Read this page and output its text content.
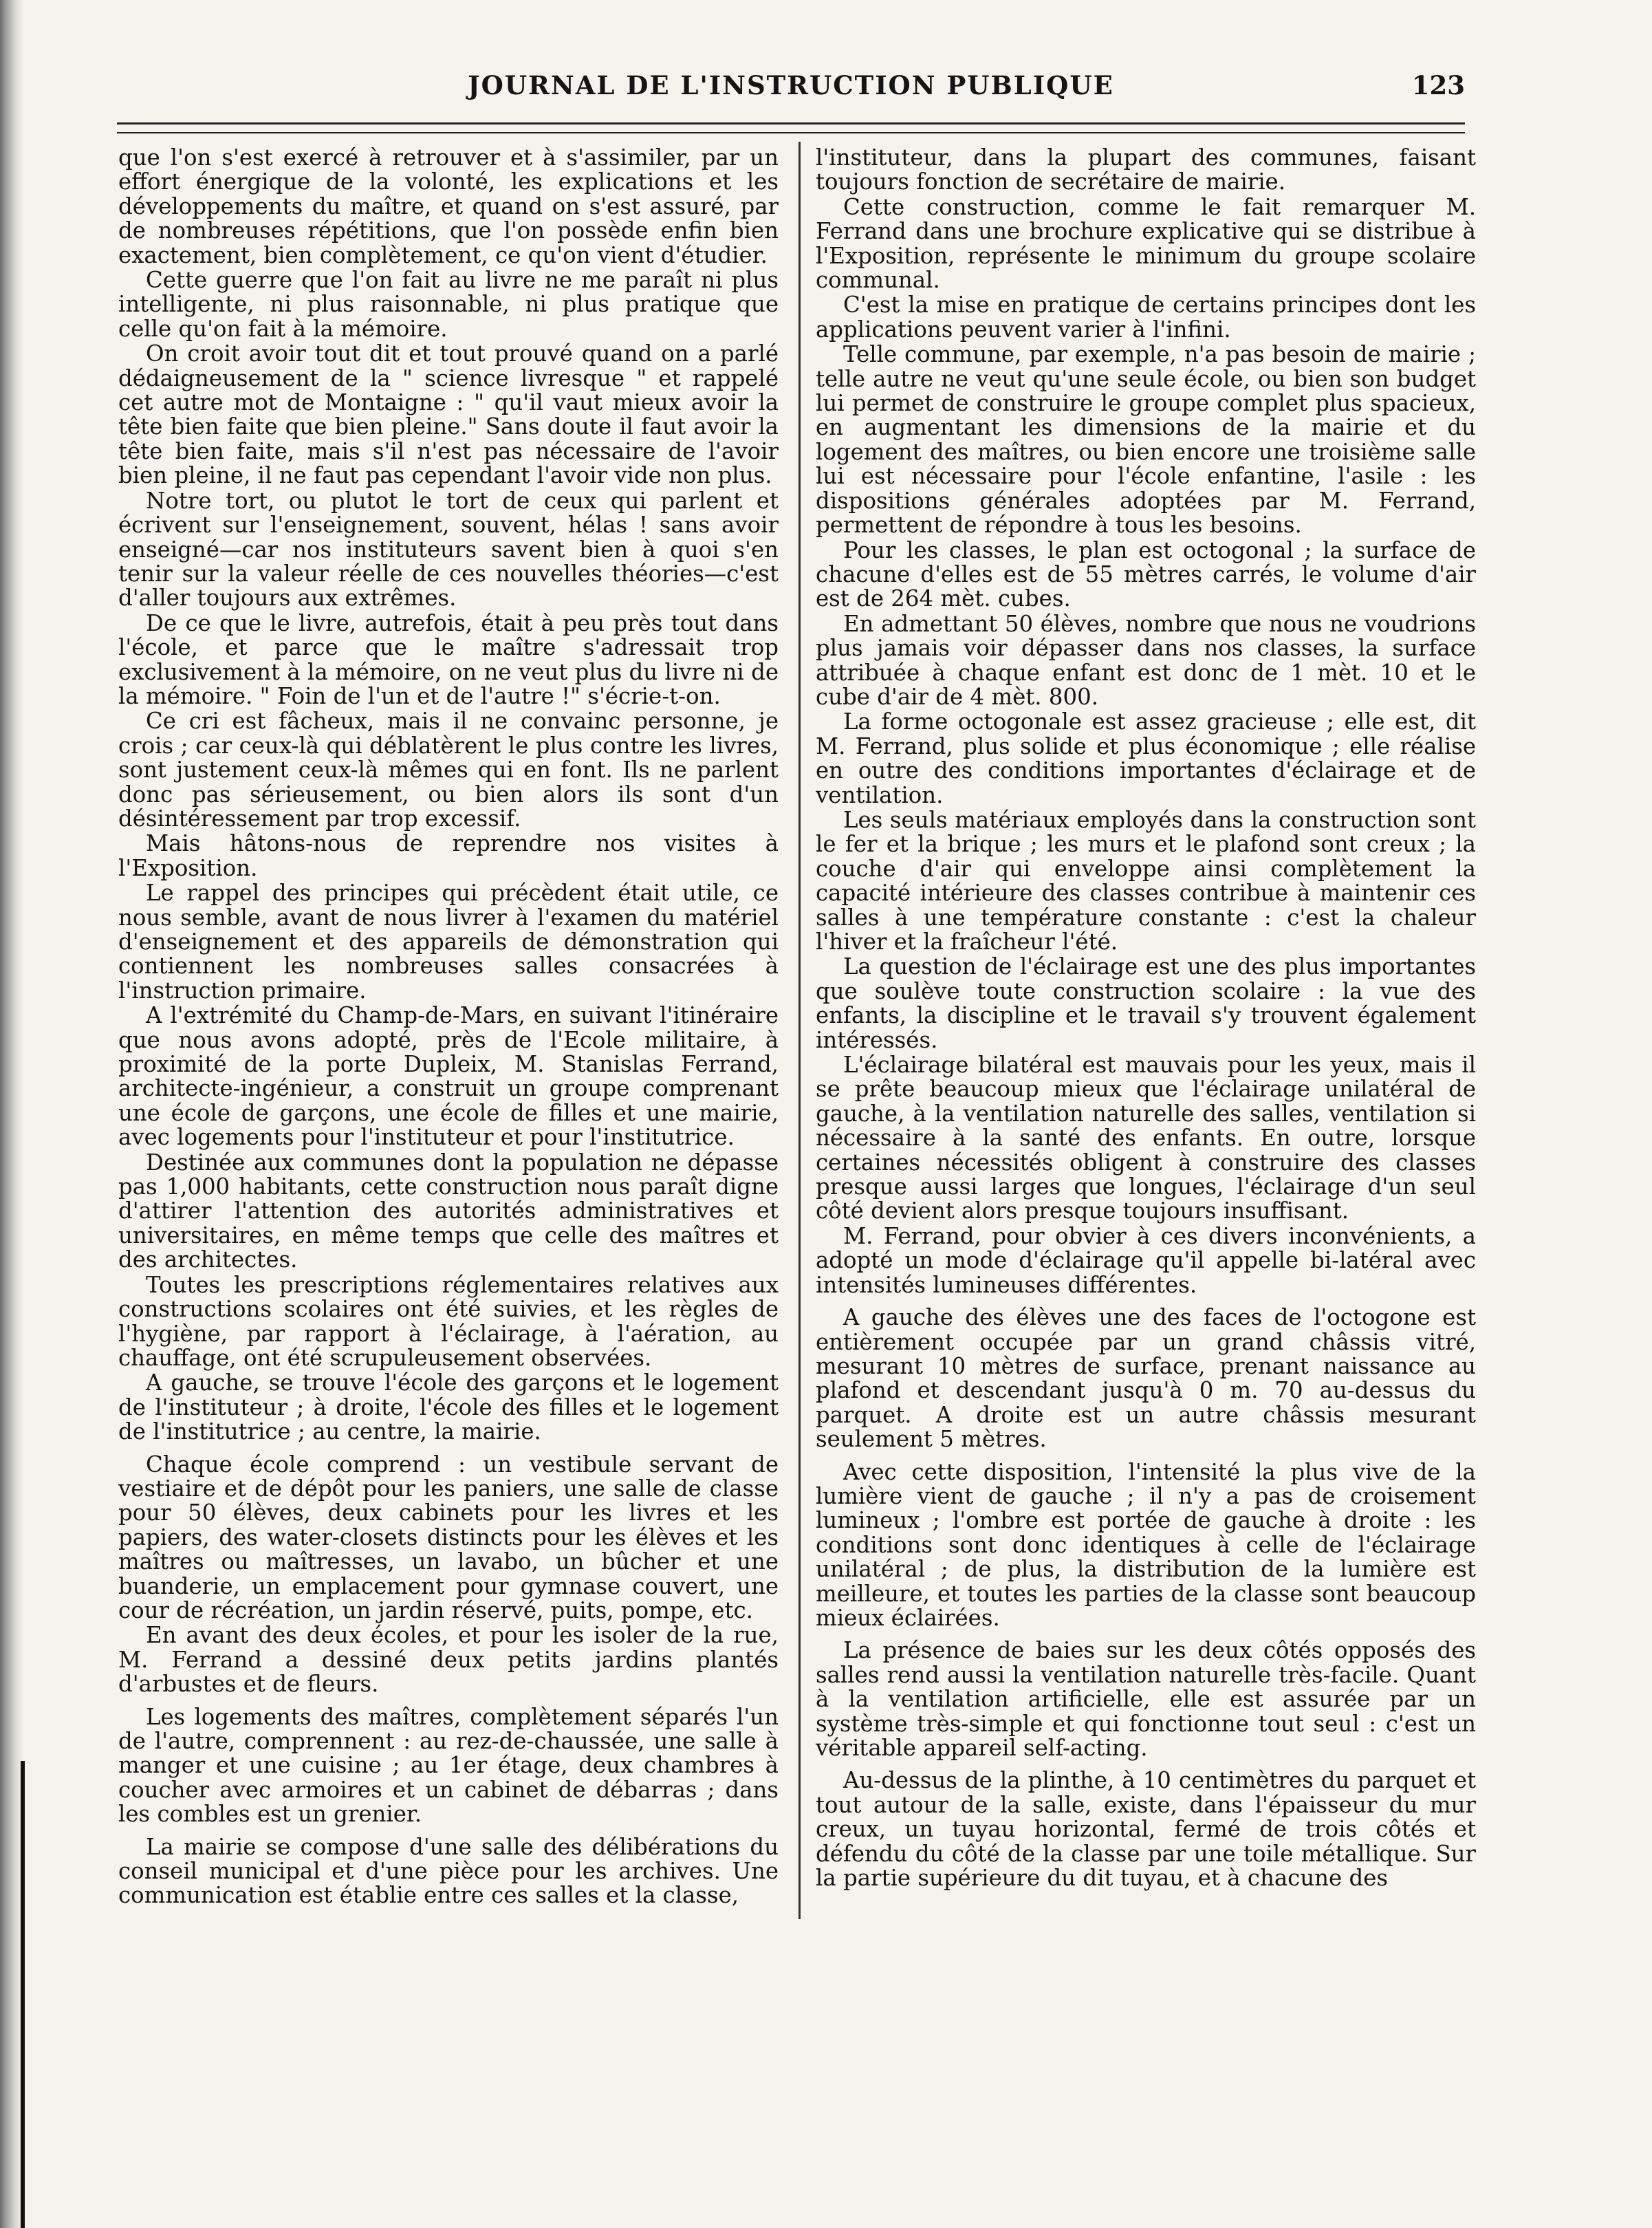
JOURNAL DE L'INSTRUCTION PUBLIQUE	123

que l'on s'est exercé à retrouver et à s'assimiler, par un effort énergique de la volonté, les explications et les développements du maître, et quand on s'est assuré, par de nombreuses répétitions, que l'on possède enfin bien exactement, bien complètement, ce qu'on vient d'étudier.

Cette guerre que l'on fait au livre ne me paraît ni plus intelligente, ni plus raisonnable, ni plus pratique que celle qu'on fait à la mémoire.

On croit avoir tout dit et tout prouvé quand on a parlé dédaigneusement de la " science livresque " et rappelé cet autre mot de Montaigne : " qu'il vaut mieux avoir la tête bien faite que bien pleine." Sans doute il faut avoir la tête bien faite, mais s'il n'est pas nécessaire de l'avoir bien pleine, il ne faut pas cependant l'avoir vide non plus.

Notre tort, ou plutot le tort de ceux qui parlent et écrivent sur l'enseignement, souvent, hélas ! sans avoir enseigné—car nos instituteurs savent bien à quoi s'en tenir sur la valeur réelle de ces nouvelles théories—c'est d'aller toujours aux extrêmes.

De ce que le livre, autrefois, était à peu près tout dans l'école, et parce que le maître s'adressait trop exclusivement à la mémoire, on ne veut plus du livre ni de la mémoire. " Foin de l'un et de l'autre !" s'écrie-t-on.

Ce cri est fâcheux, mais il ne convainc personne, je crois ; car ceux-là qui déblatèrent le plus contre les livres, sont justement ceux-là mêmes qui en font. Ils ne parlent donc pas sérieusement, ou bien alors ils sont d'un désintéressement par trop excessif.

Mais hâtons-nous de reprendre nos visites à l'Exposition.

Le rappel des principes qui précèdent était utile, ce nous semble, avant de nous livrer à l'examen du matériel d'enseignement et des appareils de démonstration qui contiennent les nombreuses salles consacrées à l'instruction primaire.

A l'extrémité du Champ-de-Mars, en suivant l'itinéraire que nous avons adopté, près de l'Ecole militaire, à proximité de la porte Dupleix, M. Stanislas Ferrand, architecte-ingénieur, a construit un groupe comprenant une école de garçons, une école de filles et une mairie, avec logements pour l'instituteur et pour l'institutrice.

Destinée aux communes dont la population ne dépasse pas 1,000 habitants, cette construction nous paraît digne d'attirer l'attention des autorités administratives et universitaires, en même temps que celle des maîtres et des architectes.

Toutes les prescriptions réglementaires relatives aux constructions scolaires ont été suivies, et les règles de l'hygiène, par rapport à l'éclairage, à l'aération, au chauffage, ont été scrupuleusement observées.

A gauche, se trouve l'école des garçons et le logement de l'instituteur ; à droite, l'école des filles et le logement de l'institutrice ; au centre, la mairie.

Chaque école comprend : un vestibule servant de vestiaire et de dépôt pour les paniers, une salle de classe pour 50 élèves, deux cabinets pour les livres et les papiers, des water-closets distincts pour les élèves et les maîtres ou maîtresses, un lavabo, un bûcher et une buanderie, un emplacement pour gymnase couvert, une cour de récréation, un jardin réservé, puits, pompe, etc.

En avant des deux écoles, et pour les isoler de la rue, M. Ferrand a dessiné deux petits jardins plantés d'arbustes et de fleurs.

Les logements des maîtres, complètement séparés l'un de l'autre, comprennent : au rez-de-chaussée, une salle à manger et une cuisine ; au 1er étage, deux chambres à coucher avec armoires et un cabinet de débarras ; dans les combles est un grenier.

La mairie se compose d'une salle des délibérations du conseil municipal et d'une pièce pour les archives. Une communication est établie entre ces salles et la classe,

l'instituteur, dans la plupart des communes, faisant toujours fonction de secrétaire de mairie.

Cette construction, comme le fait remarquer M. Ferrand dans une brochure explicative qui se distribue à l'Exposition, représente le minimum du groupe scolaire communal.

C'est la mise en pratique de certains principes dont les applications peuvent varier à l'infini.

Telle commune, par exemple, n'a pas besoin de mairie ; telle autre ne veut qu'une seule école, ou bien son budget lui permet de construire le groupe complet plus spacieux, en augmentant les dimensions de la mairie et du logement des maîtres, ou bien encore une troisième salle lui est nécessaire pour l'école enfantine, l'asile : les dispositions générales adoptées par M. Ferrand, permettent de répondre à tous les besoins.

Pour les classes, le plan est octogonal ; la surface de chacune d'elles est de 55 mètres carrés, le volume d'air est de 264 mèt. cubes.

En admettant 50 élèves, nombre que nous ne voudrions plus jamais voir dépasser dans nos classes, la surface attribuée à chaque enfant est donc de 1 mèt. 10 et le cube d'air de 4 mèt. 800.

La forme octogonale est assez gracieuse ; elle est, dit M. Ferrand, plus solide et plus économique ; elle réalise en outre des conditions importantes d'éclairage et de ventilation.

Les seuls matériaux employés dans la construction sont le fer et la brique ; les murs et le plafond sont creux ; la couche d'air qui enveloppe ainsi complètement la capacité intérieure des classes contribue à maintenir ces salles à une température constante : c'est la chaleur l'hiver et la fraîcheur l'été.

La question de l'éclairage est une des plus importantes que soulève toute construction scolaire : la vue des enfants, la discipline et le travail s'y trouvent également intéressés.

L'éclairage bilatéral est mauvais pour les yeux, mais il se prête beaucoup mieux que l'éclairage unilatéral de gauche, à la ventilation naturelle des salles, ventilation si nécessaire à la santé des enfants. En outre, lorsque certaines nécessités obligent à construire des classes presque aussi larges que longues, l'éclairage d'un seul côté devient alors presque toujours insuffisant.

M. Ferrand, pour obvier à ces divers inconvénients, a adopté un mode d'éclairage qu'il appelle bi-latéral avec intensités lumineuses différentes.

A gauche des élèves une des faces de l'octogone est entièrement occupée par un grand châssis vitré, mesurant 10 mètres de surface, prenant naissance au plafond et descendant jusqu'à 0 m. 70 au-dessus du parquet. A droite est un autre châssis mesurant seulement 5 mètres.

Avec cette disposition, l'intensité la plus vive de la lumière vient de gauche ; il n'y a pas de croisement lumineux ; l'ombre est portée de gauche à droite : les conditions sont donc identiques à celle de l'éclairage unilatéral ; de plus, la distribution de la lumière est meilleure, et toutes les parties de la classe sont beaucoup mieux éclairées.

La présence de baies sur les deux côtés opposés des salles rend aussi la ventilation naturelle très-facile. Quant à la ventilation artificielle, elle est assurée par un système très-simple et qui fonctionne tout seul : c'est un véritable appareil self-acting.

Au-dessus de la plinthe, à 10 centimètres du parquet et tout autour de la salle, existe, dans l'épaisseur du mur creux, un tuyau horizontal, fermé de trois côtés et défendu du côté de la classe par une toile métallique. Sur la partie supérieure du dit tuyau, et à chacune des
